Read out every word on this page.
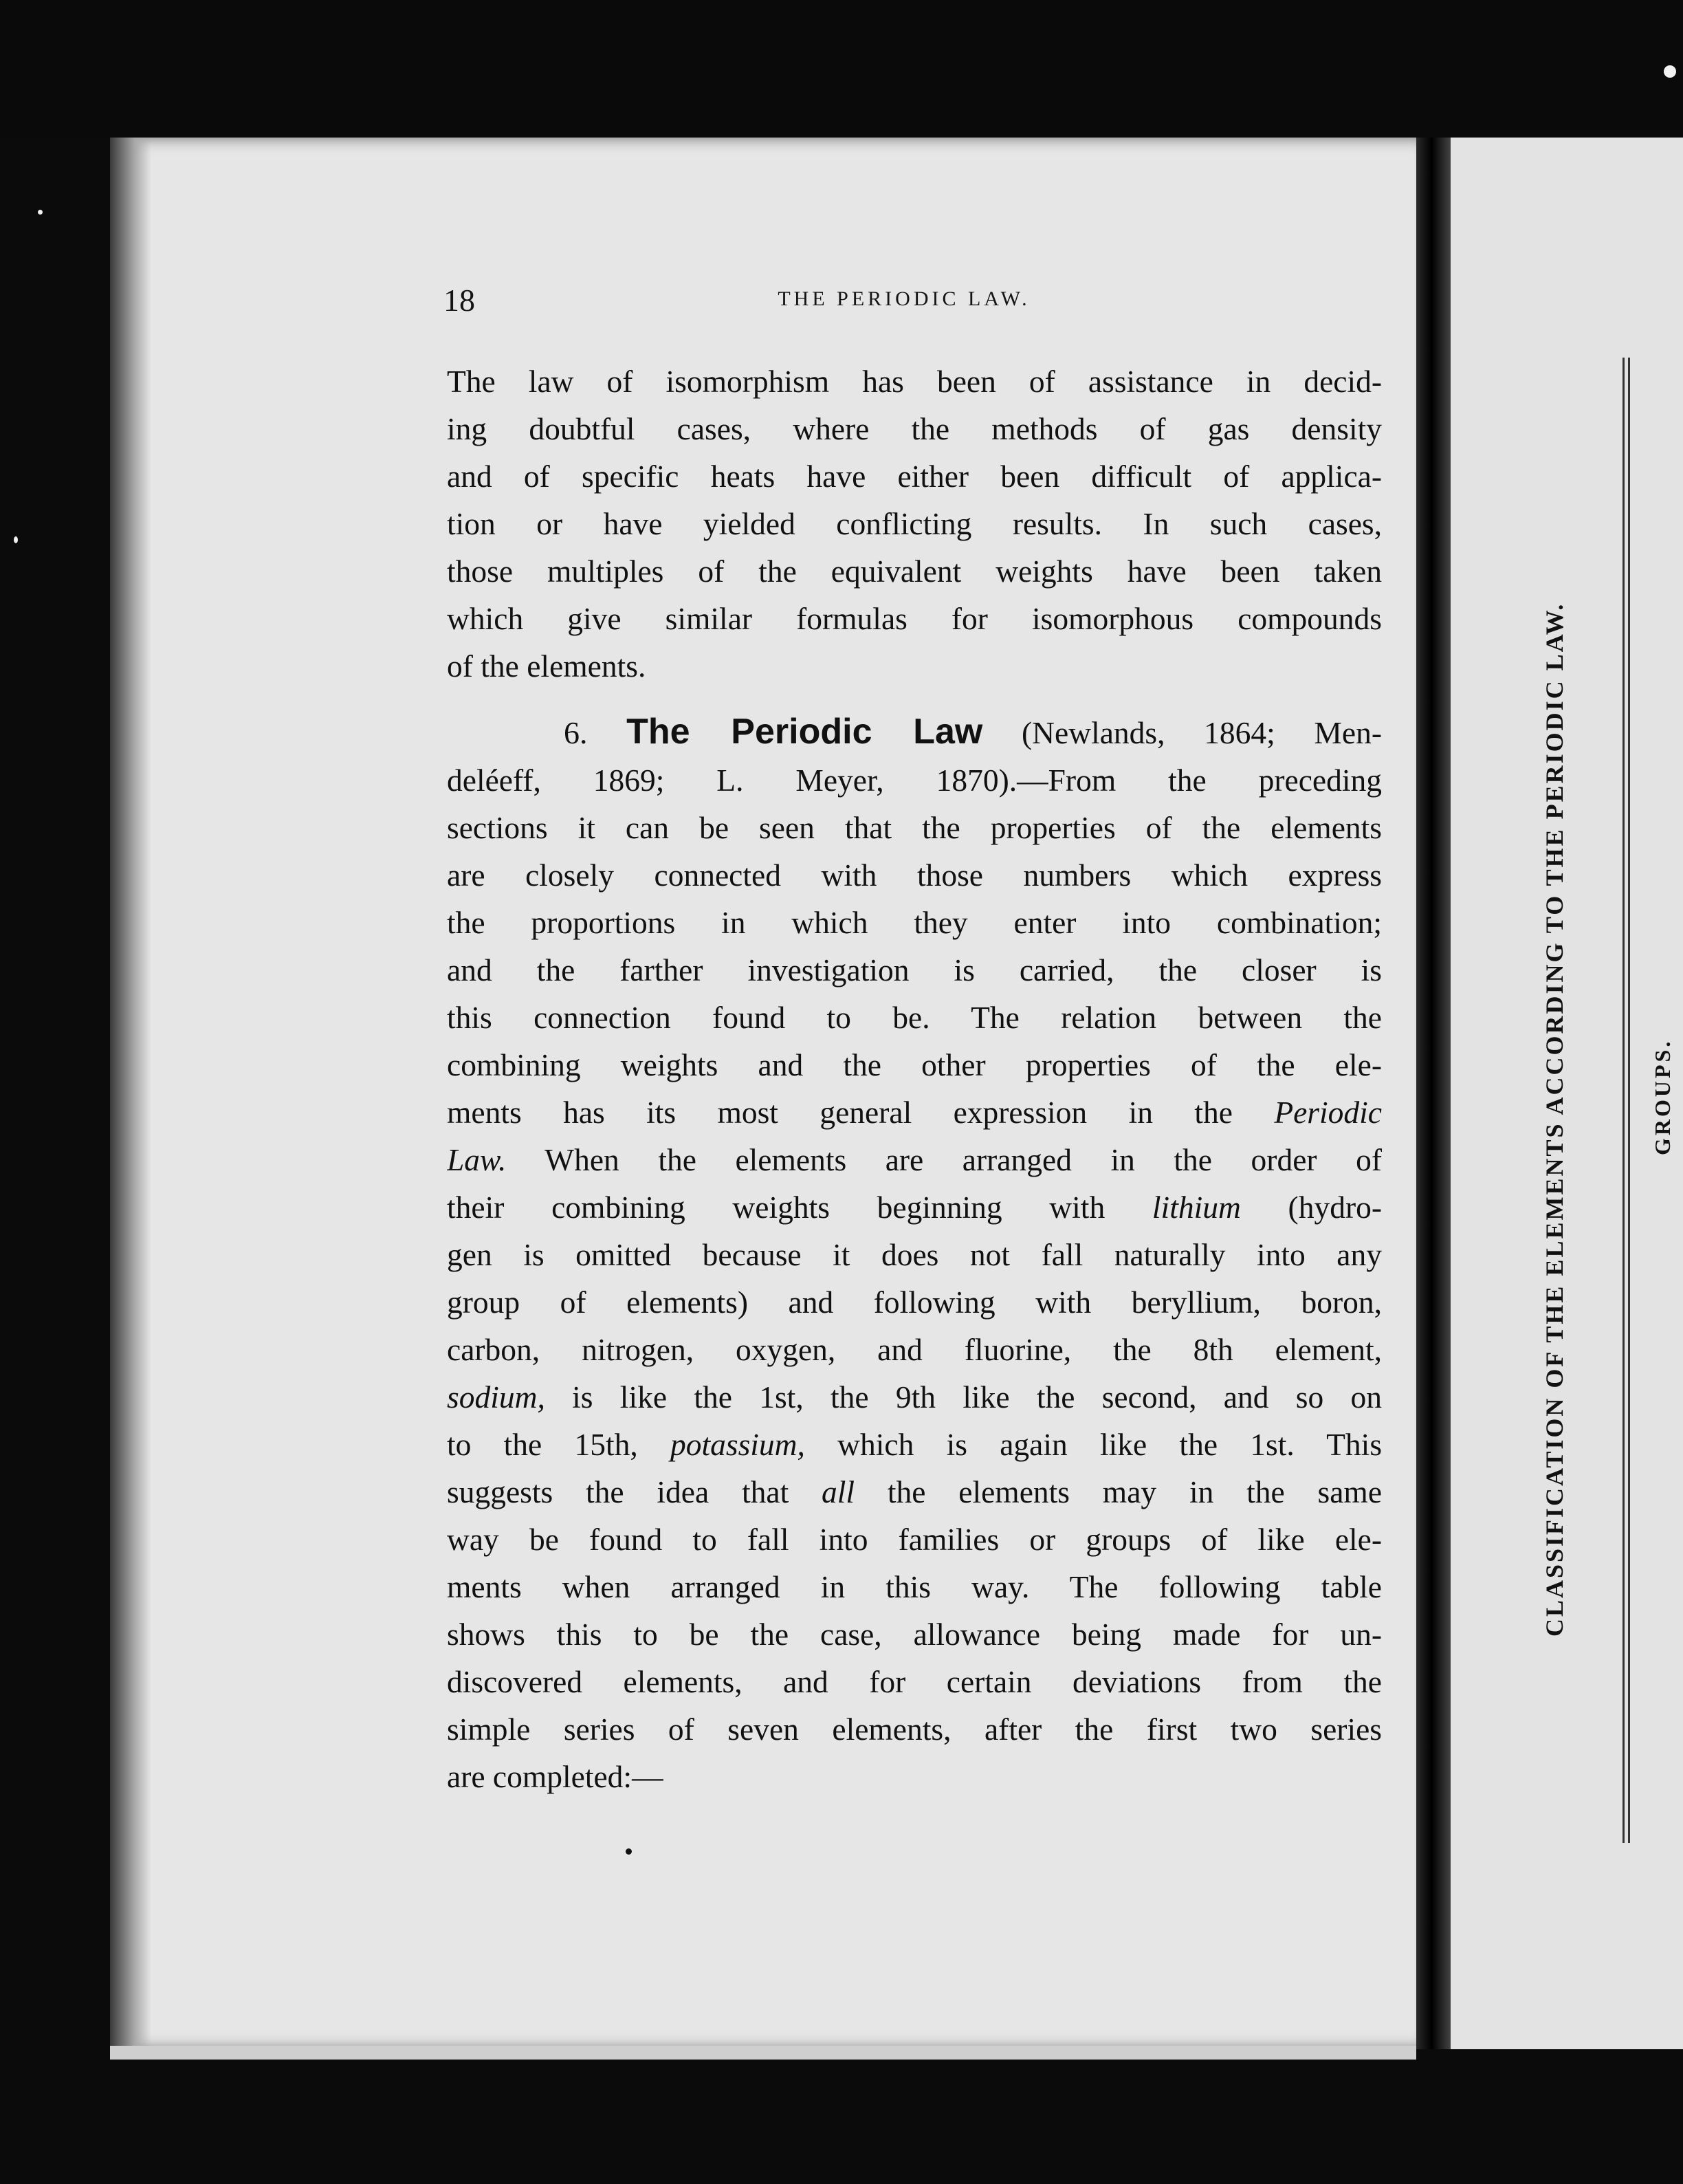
CLASSIFICATION OF THE ELEMENTS ACCORDING TO THE PERIODIC LAW.	GROUPS.
18	THE PERIODIC LAW.
The law of isomorphism has been of assistance in decid-
ing doubtful cases, where the methods of gas density
and of specific heats have either been difficult of applica-
tion or have yielded conflicting results. In such cases,
those multiples of the equivalent weights have been taken
which give similar formulas for isomorphous compounds
of the elements.
6. The Periodic Law (Newlands, 1864; Men-
deléeff, 1869; L. Meyer, 1870).—From the preceding
sections it can be seen that the properties of the elements
are closely connected with those numbers which express
the proportions in which they enter into combination;
and the farther investigation is carried, the closer is
this connection found to be. The relation between the
combining weights and the other properties of the ele-
ments has its most general expression in the Periodic
Law. When the elements are arranged in the order of
their combining weights beginning with lithium (hydro-
gen is omitted because it does not fall naturally into any
group of elements) and following with beryllium, boron,
carbon, nitrogen, oxygen, and fluorine, the 8th element,
sodium, is like the 1st, the 9th like the second, and so on
to the 15th, potassium, which is again like the 1st. This
suggests the idea that all the elements may in the same
way be found to fall into families or groups of like ele-
ments when arranged in this way. The following table
shows this to be the case, allowance being made for un-
discovered elements, and for certain deviations from the
simple series of seven elements, after the first two series
are completed:—
